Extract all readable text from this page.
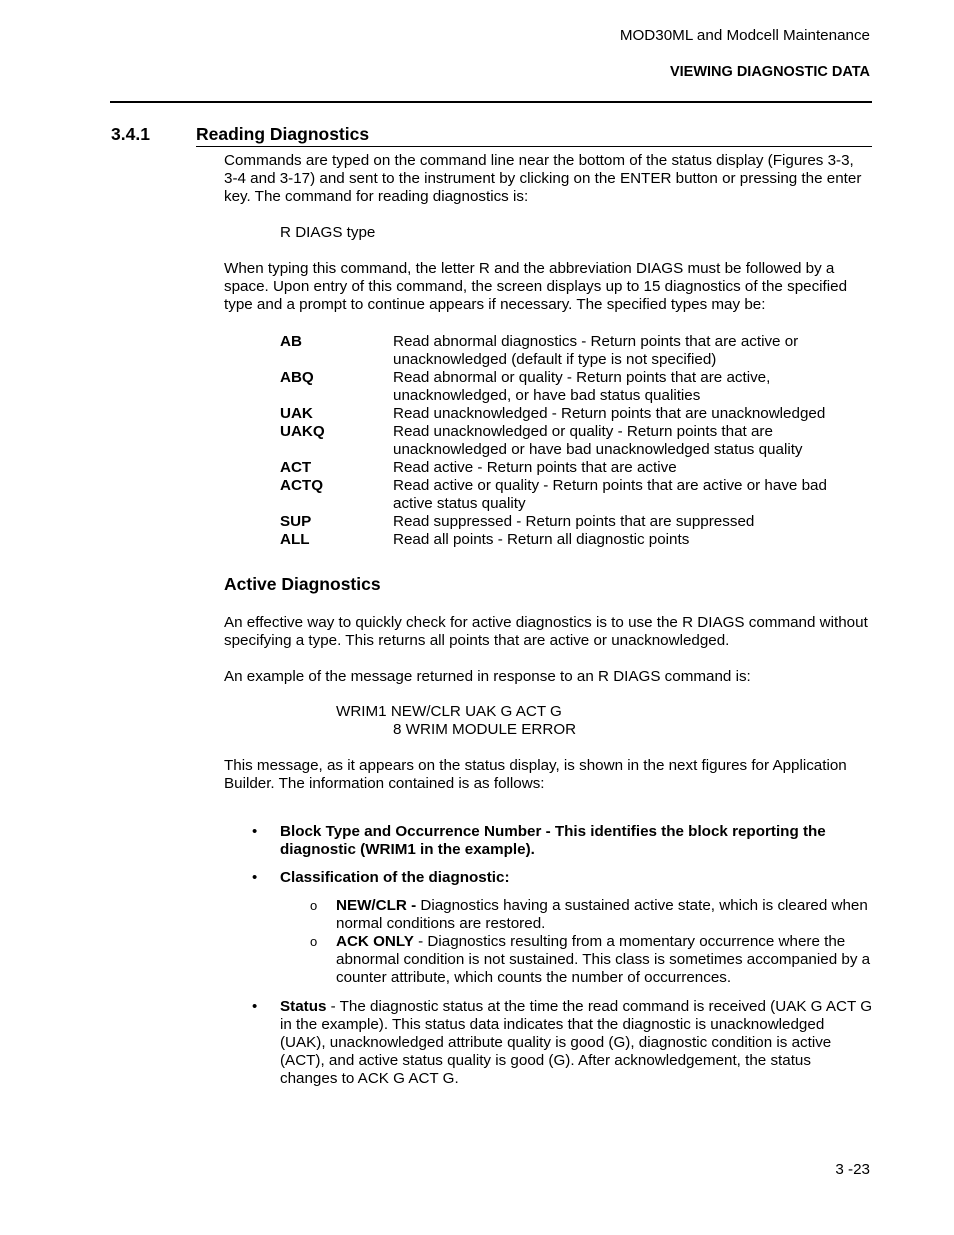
MOD30ML and Modcell Maintenance
VIEWING DIAGNOSTIC DATA
3.4.1	Reading Diagnostics
Commands are typed on the command line near the bottom of the status display (Figures 3-3, 3-4 and 3-17) and sent to the instrument by clicking on the ENTER button or pressing the enter key. The command for reading diagnostics is:
R DIAGS type
When typing this command, the letter R and the abbreviation DIAGS must be followed by a space. Upon entry of this command, the screen displays up to 15 diagnostics of the specified type and a prompt to continue appears if necessary. The specified types may be:
AB	Read abnormal diagnostics - Return points that are active or unacknowledged (default if type is not specified)
ABQ	Read abnormal or quality - Return points that are active, unacknowledged, or have bad status qualities
UAK	Read unacknowledged - Return points that are unacknowledged
UAKQ	Read unacknowledged or quality - Return points that are unacknowledged or have bad unacknowledged status quality
ACT	Read active - Return points that are active
ACTQ	Read active or quality - Return points that are active or have bad active status quality
SUP	Read suppressed - Return points that are suppressed
ALL	Read all points - Return all diagnostic points
Active Diagnostics
An effective way to quickly check for active diagnostics is to use the R DIAGS command without specifying a type. This returns all points that are active or unacknowledged.
An example of the message returned in response to an R DIAGS command is:
WRIM1 NEW/CLR UAK G ACT G
8 WRIM MODULE ERROR
This message, as it appears on the status display, is shown in the next figures for Application Builder. The information contained is as follows:
•	Block Type and Occurrence Number - This identifies the block reporting the diagnostic (WRIM1 in the example).
•	Classification of the diagnostic:
o	NEW/CLR - Diagnostics having a sustained active state, which is cleared when normal conditions are restored.
o	ACK ONLY - Diagnostics resulting from a momentary occurrence where the abnormal condition is not sustained. This class is sometimes accompanied by a counter attribute, which counts the number of occurrences.
•	Status - The diagnostic status at the time the read command is received (UAK G ACT G in the example). This status data indicates that the diagnostic is unacknowledged (UAK), unacknowledged attribute quality is good (G), diagnostic condition is active (ACT), and active status quality is good (G). After acknowledgement, the status changes to ACK G ACT G.
3 -23
